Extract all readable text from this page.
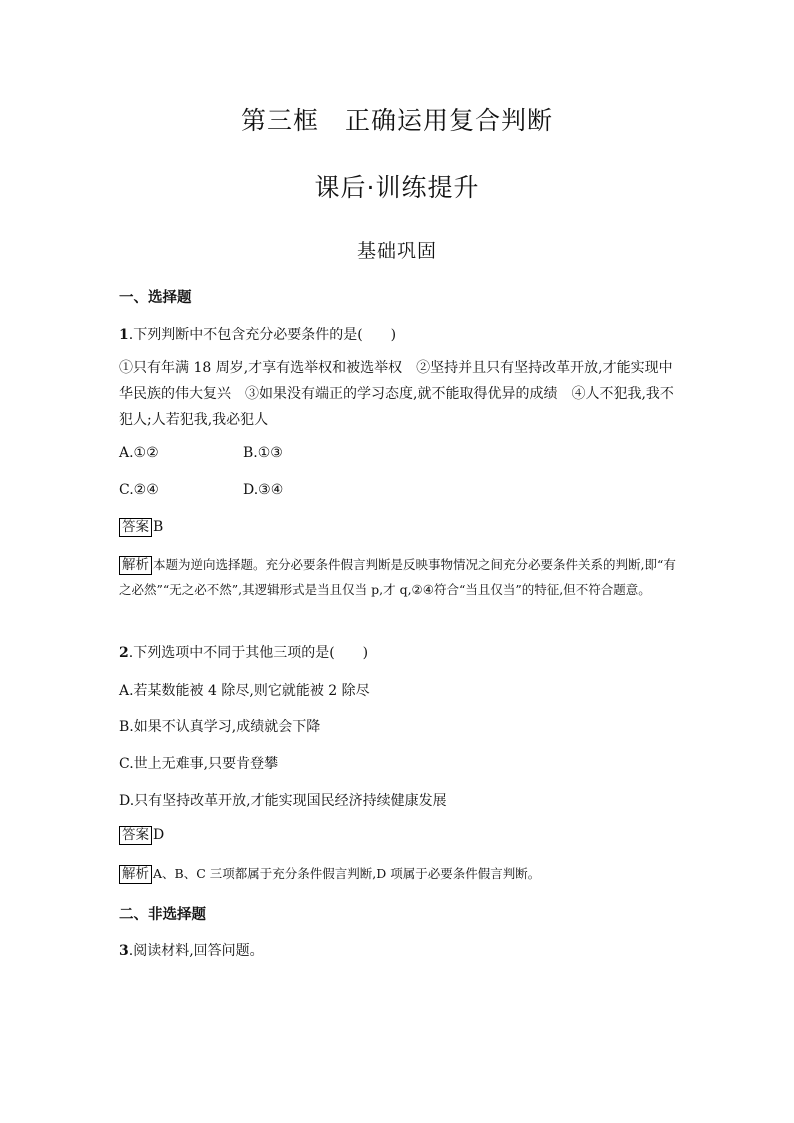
第三框　正确运用复合判断
课后·训练提升
基础巩固
一、选择题
1.下列判断中不包含充分必要条件的是(　　)
①只有年满 18 周岁,才享有选举权和被选举权　②坚持并且只有坚持改革开放,才能实现中华民族的伟大复兴　③如果没有端正的学习态度,就不能取得优异的成绩　④人不犯我,我不犯人;人若犯我,我必犯人
A.①②	B.①③
C.②④	D.③④
答案 B
解析 本题为逆向选择题。充分必要条件假言判断是反映事物情况之间充分必要条件关系的判断,即“有之必然”“无之必不然”,其逻辑形式是当且仅当 p,才 q,②④符合“当且仅当”的特征,但不符合题意。
2.下列选项中不同于其他三项的是(　　)
A.若某数能被 4 除尽,则它就能被 2 除尽
B.如果不认真学习,成绩就会下降
C.世上无难事,只要肯登攀
D.只有坚持改革开放,才能实现国民经济持续健康发展
答案 D
解析 A、B、C 三项都属于充分条件假言判断,D 项属于必要条件假言判断。
二、非选择题
3.阅读材料,回答问题。
